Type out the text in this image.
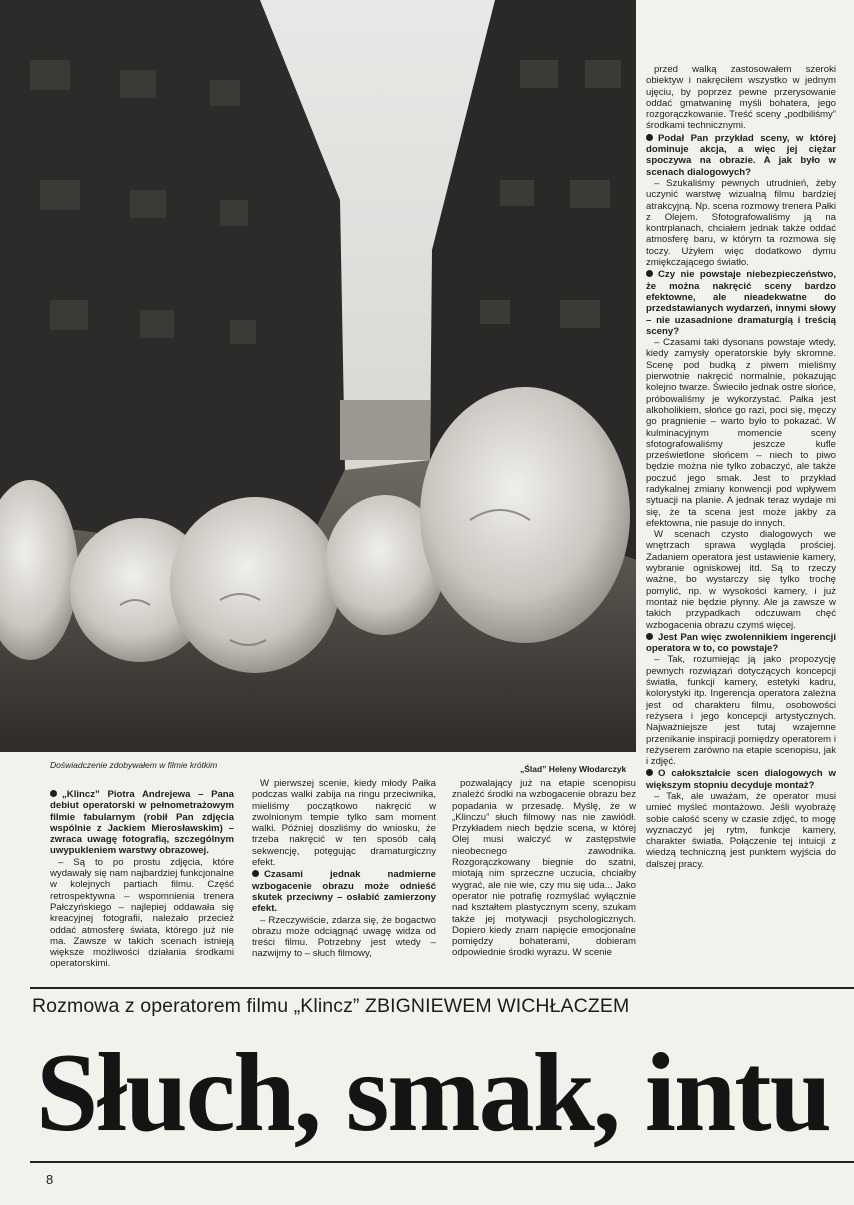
Doświadczenie zdobywałem w filmie krótkim	„Ślad” Heleny Włodarczyk

przed walką zastosowałem szeroki obiektyw i nakręciłem wszystko w jednym ujęciu, by poprzez pewne przerysowanie oddać gmatwaninę myśli bohatera, jego rozgorączkowanie. Treść sceny „podbiliśmy” środkami technicznymi.

Podał Pan przykład sceny, w której dominuje akcja, a więc jej ciężar spoczywa na obrazie. A jak było w scenach dialogowych?

– Szukaliśmy pewnych utrudnień, żeby uczynić warstwę wizualną filmu bardziej atrakcyjną. Np. scena rozmowy trenera Pałki z Olejem. Sfotografowaliśmy ją na kontrplanach, chciałem jednak także oddać atmosferę baru, w którym ta rozmowa się toczy. Użyłem więc dodatkowo dymu zmiękczającego światło.

Czy nie powstaje niebezpieczeństwo, że można nakręcić sceny bardzo efektowne, ale nieadekwatne do przedstawianych wydarzeń, innymi słowy – nie uzasadnione dramaturgią i treścią sceny?

– Czasami taki dysonans powstaje wtedy, kiedy zamysły operatorskie były skromne. Scenę pod budką z piwem mieliśmy pierwotnie nakręcić normalnie, pokazując kolejno twarze. Świeciło jednak ostre słońce, próbowaliśmy je wykorzystać. Pałka jest alkoholikiem, słońce go razi, poci się, męczy go pragnienie – warto było to pokazać. W kulminacyjnym momencie sceny sfotografowaliśmy jeszcze kufle prześwietlone słońcem – niech to piwo będzie można nie tylko zobaczyć, ale także poczuć jego smak. Jest to przykład radykalnej zmiany konwencji pod wpływem sytuacji na planie. A jednak teraz wydaje mi się, że ta scena jest może jakby za efektowna, nie pasuje do innych.

W scenach czysto dialogowych we wnętrzach sprawa wygląda prościej. Zadaniem operatora jest ustawienie kamery, wybranie ogniskowej itd. Są to rzeczy ważne, bo wystarczy się tylko trochę pomylić, np. w wysokości kamery, i już montaż nie będzie płynny. Ale ja zawsze w takich przypadkach odczuwam chęć wzbogacenia obrazu czymś więcej.

Jest Pan więc zwolennikiem ingerencji operatora w to, co powstaje?

– Tak, rozumiejąc ją jako propozycję pewnych rozwiązań dotyczących koncepcji światła, funkcji kamery, estetyki kadru, kolorystyki itp. Ingerencja operatora zależna jest od charakteru filmu, osobowości reżysera i jego koncepcji artystycznych. Najważniejsze jest tutaj wzajemne przenikanie inspiracji pomiędzy operatorem i reżyserem zarówno na etapie scenopisu, jak i zdjęć.

O całokształcie scen dialogowych w większym stopniu decyduje montaż?

– Tak, ale uważam, że operator musi umieć myśleć montażowo. Jeśli wyobrażę sobie całość sceny w czasie zdjęć, to mogę wyznaczyć jej rytm, funkcje kamery, charakter światła. Połączenie tej intuicji z wiedzą techniczną jest punktem wyjścia do dalszej pracy.

„Klincz” Piotra Andrejewa – Pana debiut operatorski w pełnometrażowym filmie fabularnym (robił Pan zdjęcia wspólnie z Jackiem Mierosławskim) – zwraca uwagę fotografią, szczególnym uwypukleniem warstwy obrazowej.

– Są to po prostu zdjęcia, które wydawały się nam najbardziej funkcjonalne w kolejnych partiach filmu. Część retrospektywna – wspomnienia trenera Pałczyńskiego – najlepiej oddawała się kreacyjnej fotografii, należało przecież oddać atmosferę świata, którego już nie ma. Zawsze w takich scenach istnieją większe możliwości działania środkami operatorskimi.

W pierwszej scenie, kiedy młody Pałka podczas walki zabija na ringu przeciwnika, mieliśmy początkowo nakręcić w zwolnionym tempie tylko sam moment walki. Później doszliśmy do wniosku, że trzeba nakręcić w ten sposób całą sekwencję, potęgując dramaturgiczny efekt.

Czasami jednak nadmierne wzbogacenie obrazu może odnieść skutek przeciwny – osłabić zamierzony efekt.

– Rzeczywiście, zdarza się, że bogactwo obrazu może odciągnąć uwagę widza od treści filmu. Potrzebny jest wtedy – nazwijmy to – słuch filmowy,

pozwalający już na etapie scenopisu znaleźć środki na wzbogacenie obrazu bez popadania w przesadę. Myślę, że w „Klinczu” słuch filmowy nas nie zawiódł. Przykładem niech będzie scena, w której Olej musi walczyć w zastępstwie nieobecnego zawodnika. Rozgorączkowany biegnie do szatni, miotają nim sprzeczne uczucia, chciałby wygrać, ale nie wie, czy mu się uda... Jako operator nie potrafię rozmyślać wyłącznie nad kształtem plastycznym sceny, szukam także jej motywacji psychologicznych. Dopiero kiedy znam napięcie emocjonalne pomiędzy bohaterami, dobieram odpowiednie środki wyrazu. W scenie

Rozmowa z operatorem filmu „Klincz” ZBIGNIEWEM WICHŁACZEM
Słuch, smak, intu
8
